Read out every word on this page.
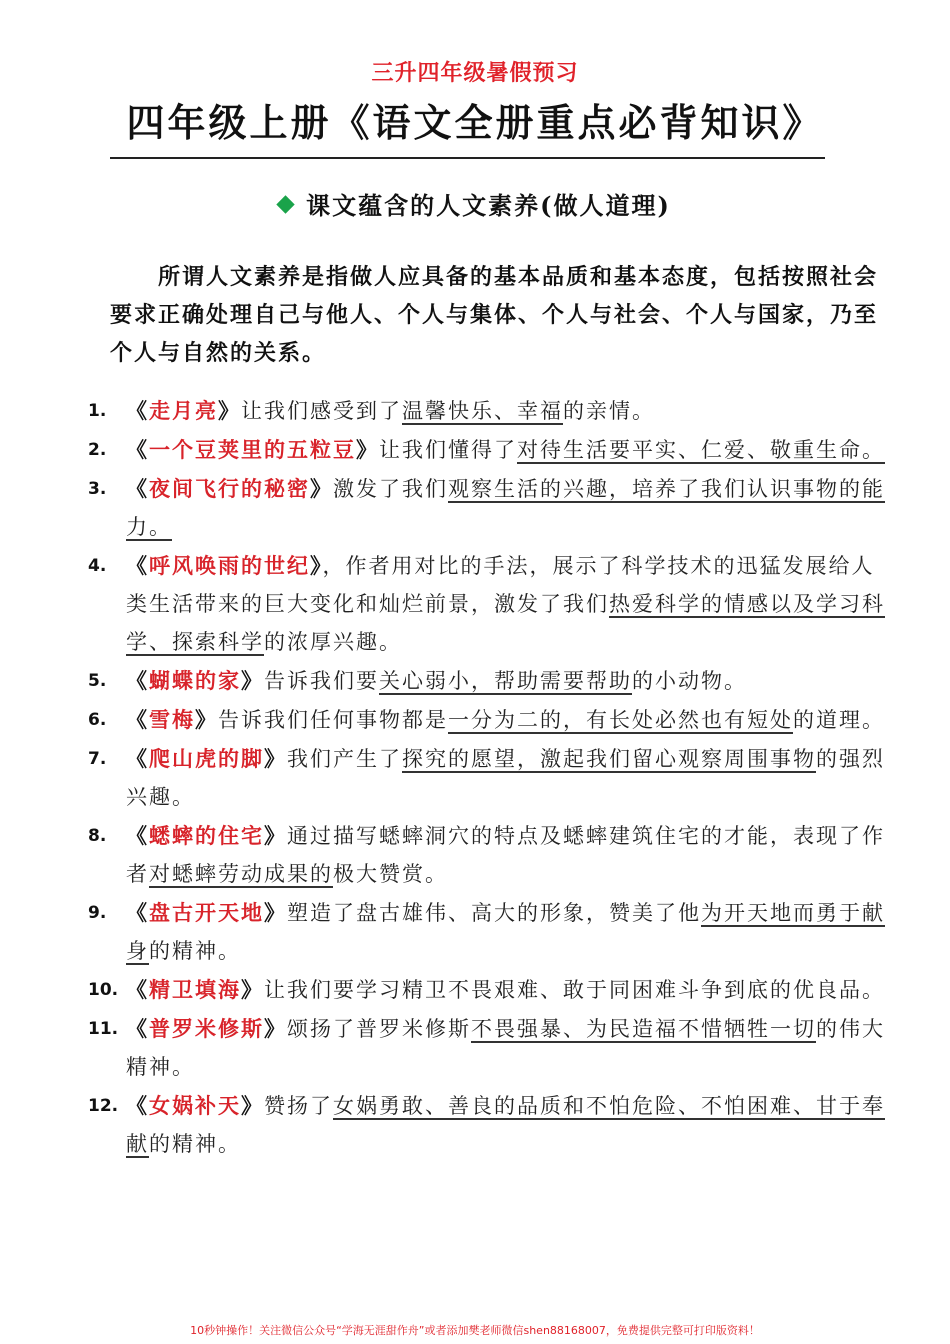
三升四年级暑假预习
四年级上册《语文全册重点必背知识》
课文蕴含的人文素养(做人道理)
所谓人文素养是指做人应具备的基本品质和基本态度，包括按照社会要求正确处理自己与他人、个人与集体、个人与社会、个人与国家，乃至个人与自然的关系。
1. 《走月亮》让我们感受到了温馨快乐、幸福的亲情。
2. 《一个豆荚里的五粒豆》让我们懂得了对待生活要平实、仁爱、敬重生命。
3. 《夜间飞行的秘密》激发了我们观察生活的兴趣，培养了我们认识事物的能力。
4. 《呼风唤雨的世纪》，作者用对比的手法，展示了科学技术的迅猛发展给人类生活带来的巨大变化和灿烂前景，激发了我们热爱科学的情感以及学习科学、探索科学的浓厚兴趣。
5. 《蝴蝶的家》告诉我们要关心弱小，帮助需要帮助的小动物。
6. 《雪梅》告诉我们任何事物都是一分为二的，有长处必然也有短处的道理。
7. 《爬山虎的脚》我们产生了探究的愿望，激起我们留心观察周围事物的强烈兴趣。
8. 《蟋蟀的住宅》通过描写蟋蟀洞穴的特点及蟋蟀建筑住宅的才能，表现了作者对蟋蟀劳动成果的极大赞赏。
9. 《盘古开天地》塑造了盘古雄伟、高大的形象，赞美了他为开天地而勇于献身的精神。
10. 《精卫填海》让我们要学习精卫不畏艰难、敢于同困难斗争到底的优良品。
11. 《普罗米修斯》颂扬了普罗米修斯不畏强暴、为民造福不惜牺牲一切的伟大精神。
12. 《女娲补天》赞扬了女娲勇敢、善良的品质和不怕危险、不怕困难、甘于奉献的精神。
10秒钟操作！关注微信公众号“学海无涯甜作舟”或者添加樊老师微信shen88168007，免费提供完整可打印版资料！
